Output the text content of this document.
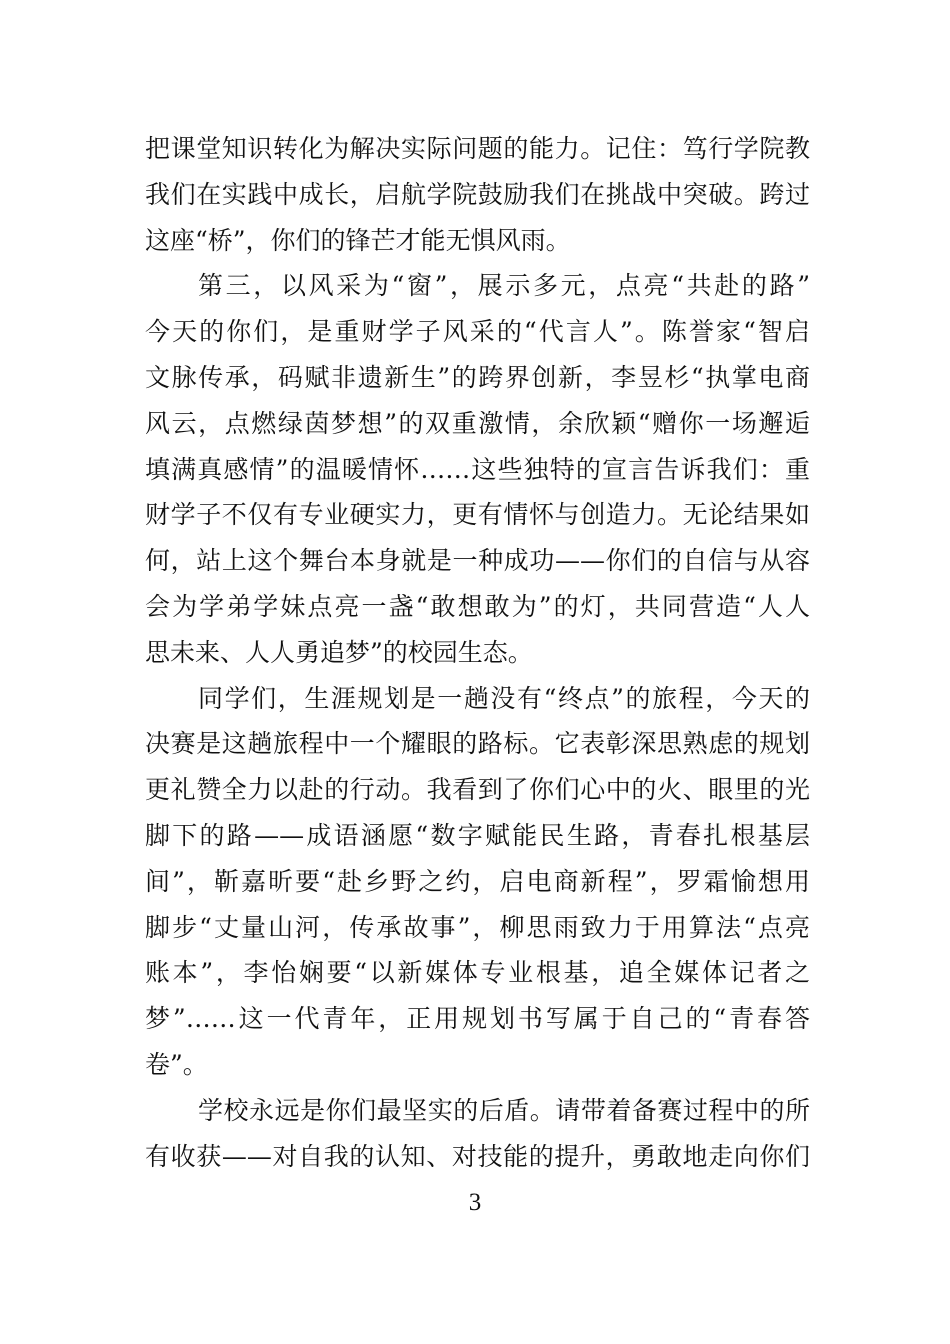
把课堂知识转化为解决实际问题的能力。记住：笃行学院教
我们在实践中成长，启航学院鼓励我们在挑战中突破。跨过
这座“桥”，你们的锋芒才能无惧风雨。
第三，以风采为“窗”，展示多元，点亮“共赴的路”
今天的你们，是重财学子风采的“代言人”。陈誉家“智启
文脉传承，码赋非遗新生”的跨界创新，李昱杉“执掌电商
风云，点燃绿茵梦想”的双重激情，余欣颖“赠你一场邂逅
填满真感情”的温暖情怀……这些独特的宣言告诉我们：重
财学子不仅有专业硬实力，更有情怀与创造力。无论结果如
何，站上这个舞台本身就是一种成功——你们的自信与从容
会为学弟学妹点亮一盏“敢想敢为”的灯，共同营造“人人
思未来、人人勇追梦”的校园生态。
同学们，生涯规划是一趟没有“终点”的旅程，今天的
决赛是这趟旅程中一个耀眼的路标。它表彰深思熟虑的规划
更礼赞全力以赴的行动。我看到了你们心中的火、眼里的光
脚下的路——成语涵愿“数字赋能民生路，青春扎根基层
间”，靳嘉昕要“赴乡野之约，启电商新程”，罗霜愉想用
脚步“丈量山河，传承故事”，柳思雨致力于用算法“点亮
账本”，李怡娴要“以新媒体专业根基，追全媒体记者之
梦”……这一代青年，正用规划书写属于自己的“青春答
卷”。
学校永远是你们最坚实的后盾。请带着备赛过程中的所
有收获——对自我的认知、对技能的提升，勇敢地走向你们
3
